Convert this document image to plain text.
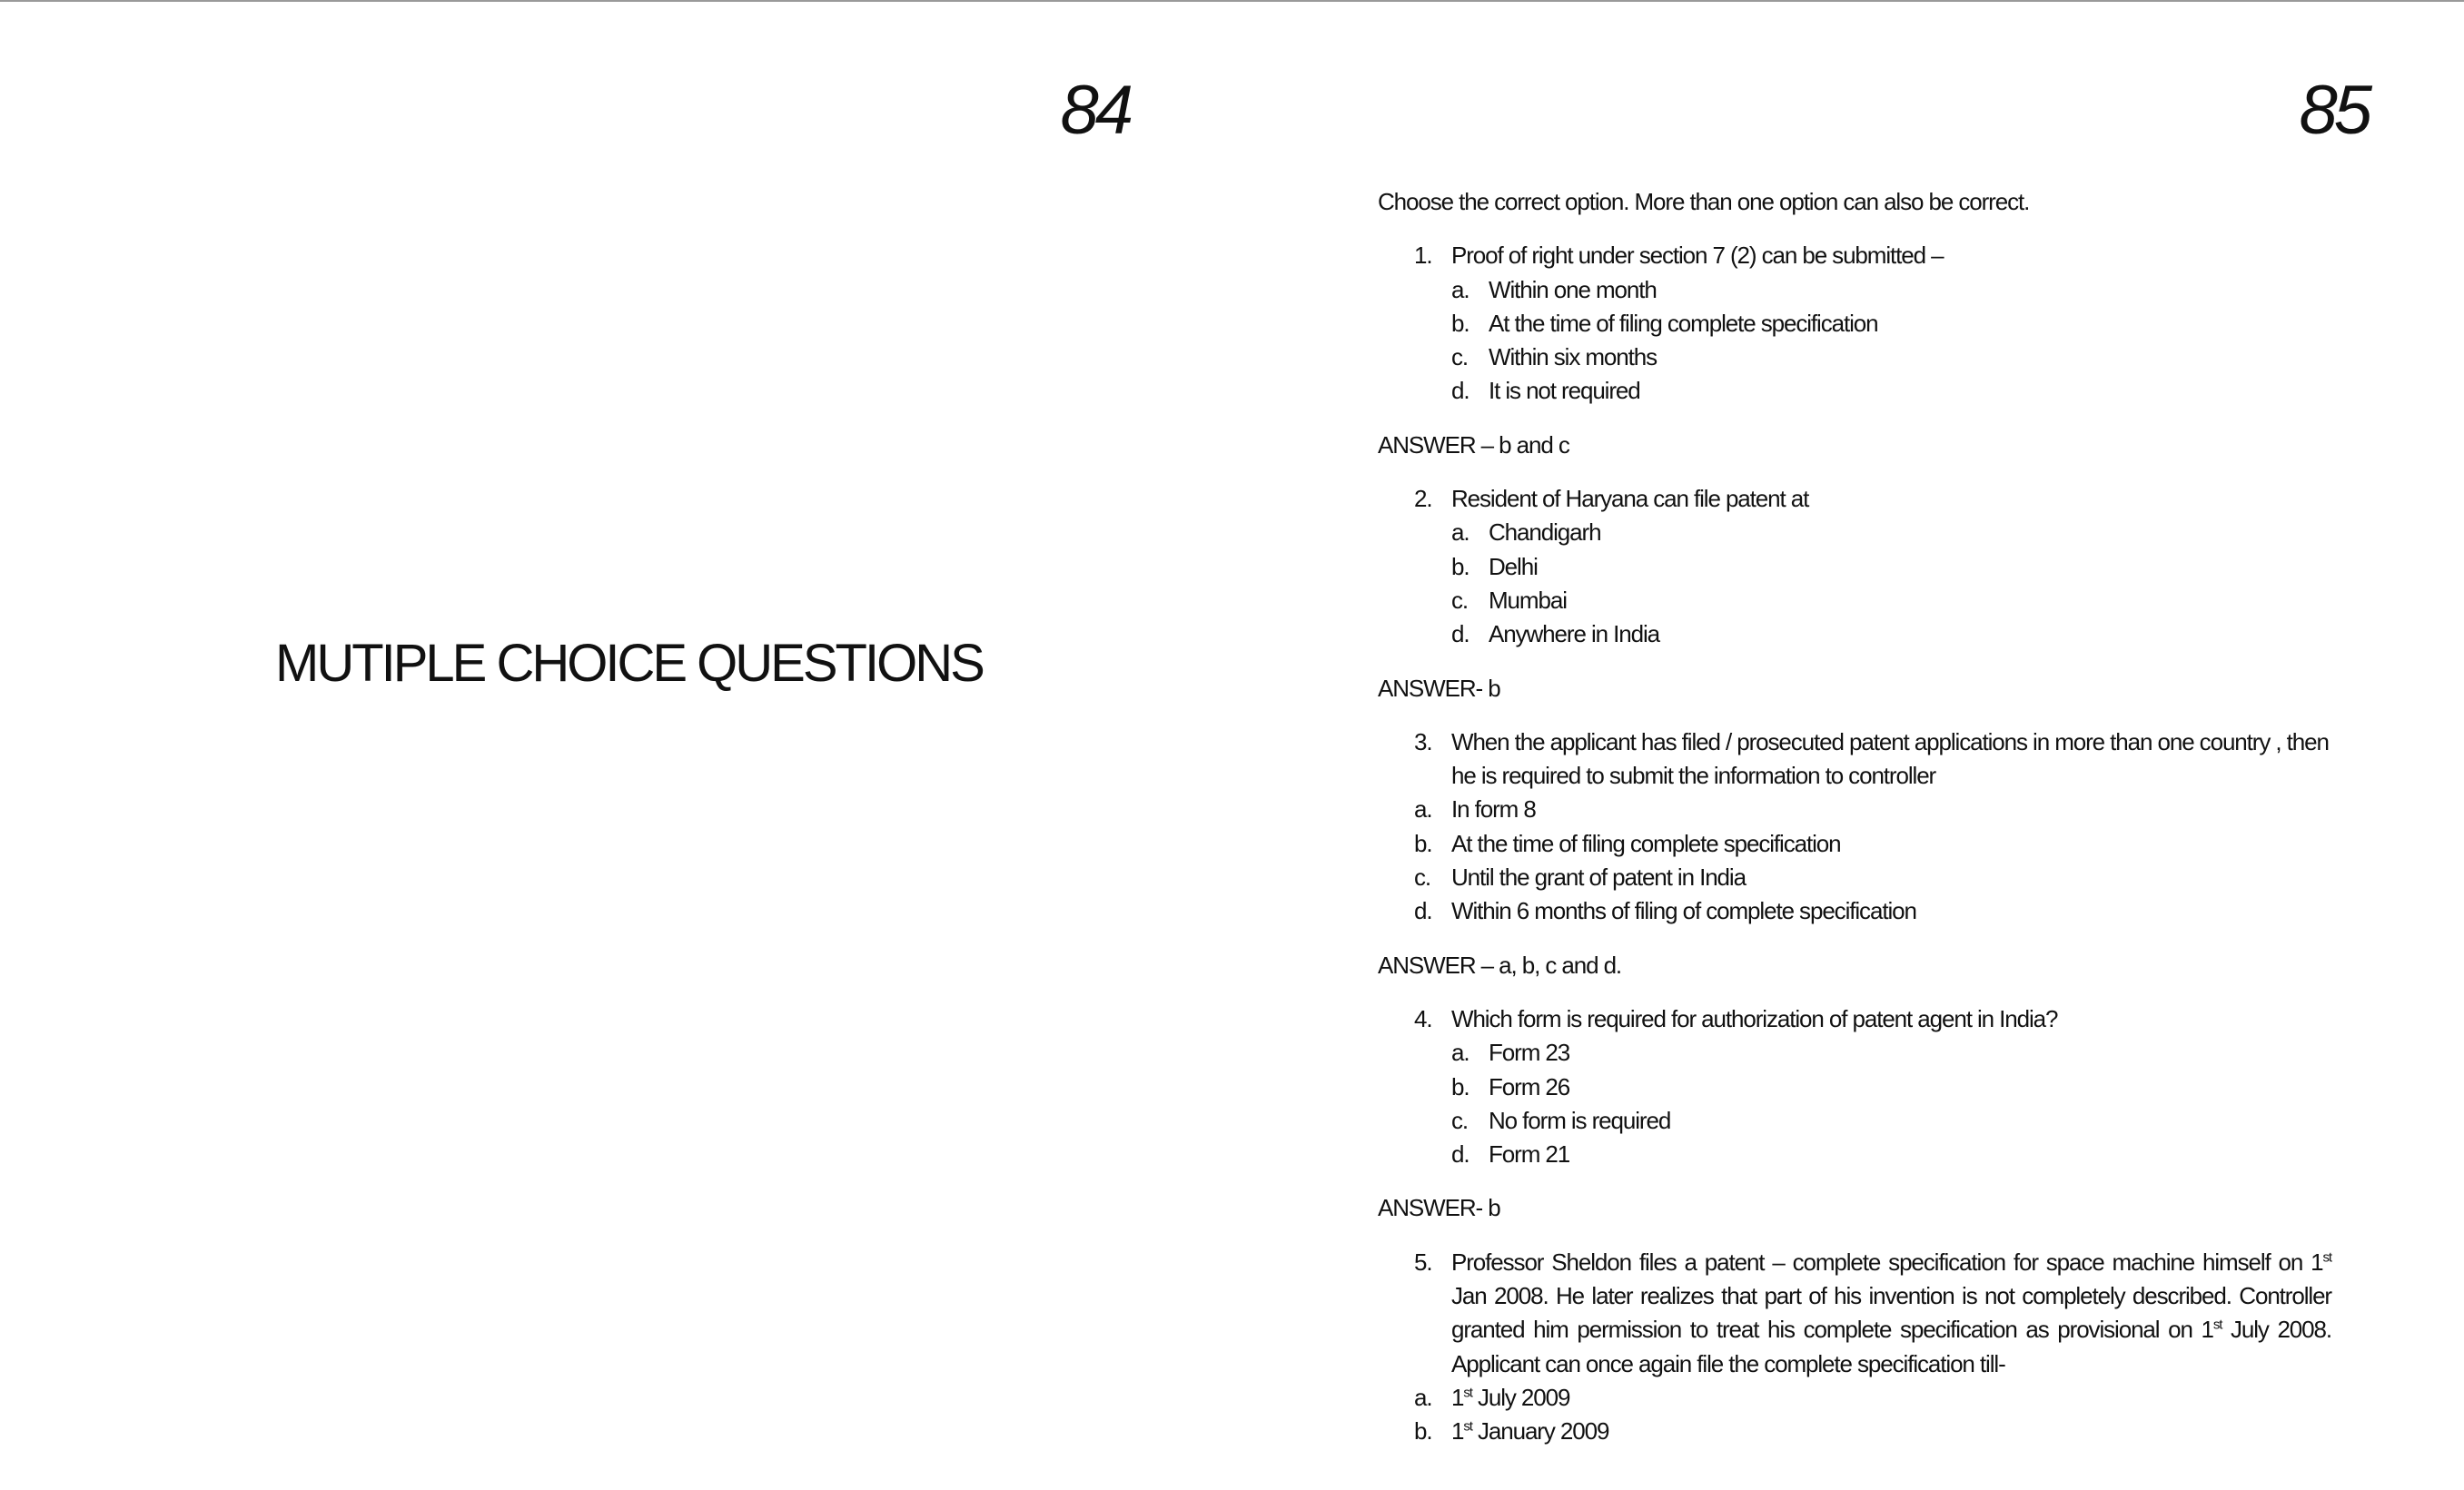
84
MUTIPLE CHOICE QUESTIONS
85

Choose the correct option. More than one option can also be correct.

1. Proof of right under section 7 (2) can be submitted –
a. Within one month
b. At the time of filing complete specification
c. Within six months
d. It is not required

ANSWER – b and c

2. Resident of Haryana can file patent at
a. Chandigarh
b. Delhi
c. Mumbai
d. Anywhere in India

ANSWER- b

3. When the applicant has filed / prosecuted patent applications in more than one country , then he is required to submit the information to controller
a. In form 8
b. At the time of filing complete specification
c. Until the grant of patent in India
d. Within 6 months of filing of complete specification

ANSWER – a, b, c and d.

4. Which form is required for authorization of patent agent in India?
a. Form 23
b. Form 26
c. No form is required
d. Form 21

ANSWER- b

5. Professor Sheldon files a patent – complete specification for space machine himself on 1st Jan 2008. He later realizes that part of his invention is not completely described. Controller granted him permission to treat his complete specification as provisional on 1st July 2008. Applicant can once again file the complete specification till-
a. 1st July 2009
b. 1st January 2009
